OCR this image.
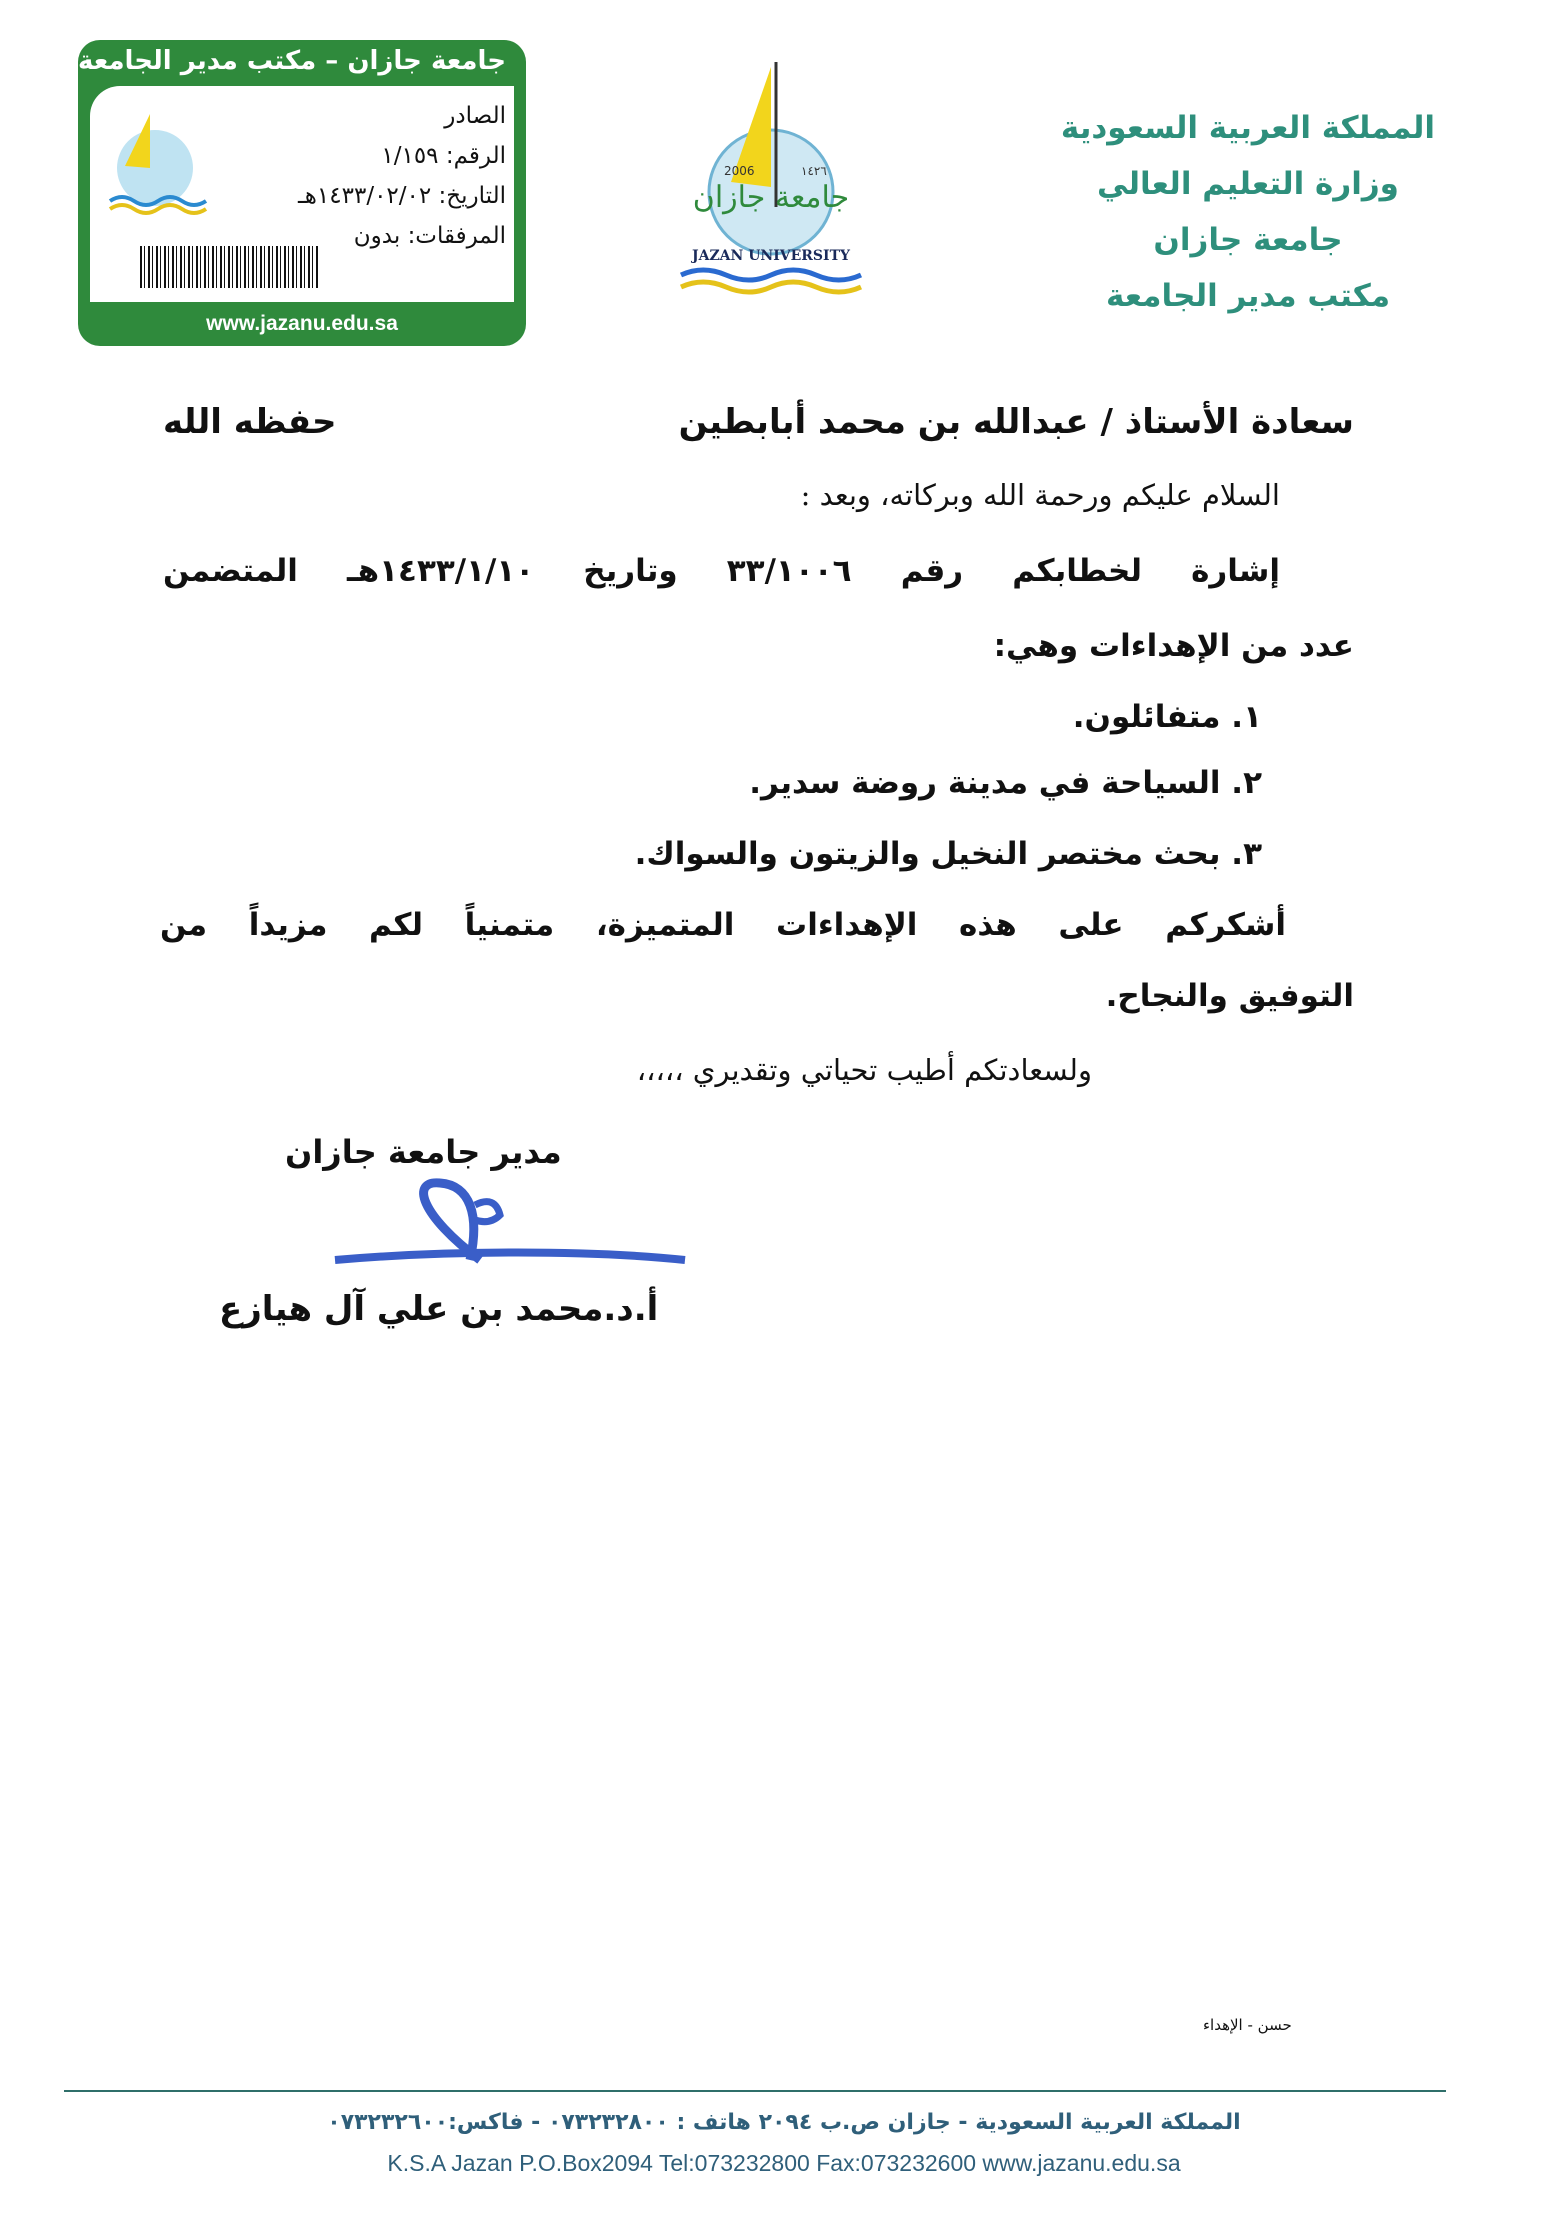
جامعة جازان – مكتب مدير الجامعة
الصادر
الرقم: ١/١٥٩
التاريخ: ١٤٣٣/٠٢/٠٢هـ
المرفقات: بدون
www.jazanu.edu.sa
جامعة جازان
2006	١٤٢٦
JAZAN UNIVERSITY
المملكة العربية السعودية
وزارة التعليم العالي
جامعة جازان
مكتب مدير الجامعة
سعادة الأستاذ / عبدالله بن محمد أبابطين
حفظه الله
السلام عليكم ورحمة الله وبركاته، وبعد :
إشارة لخطابكم رقم ٣٣/١٠٠٦ وتاريخ ١٤٣٣/١/١٠هـ المتضمن
عدد من الإهداءات وهي:
١. متفائلون.
٢. السياحة في مدينة روضة سدير.
٣. بحث مختصر النخيل والزيتون والسواك.
أشكركم على هذه الإهداءات المتميزة، متمنياً لكم مزيداً من
التوفيق والنجاح.
ولسعادتكم أطيب تحياتي وتقديري ،،،،،
مدير جامعة جازان
أ.د.محمد بن علي آل هيازع
حسن - الإهداء
المملكة العربية السعودية - جازان ص.ب ٢٠٩٤ هاتف : ٠٧٣٢٣٢٨٠٠ - فاكس:٠٧٣٢٣٢٦٠٠
K.S.A Jazan P.O.Box2094 Tel:073232800 Fax:073232600 www.jazanu.edu.sa
